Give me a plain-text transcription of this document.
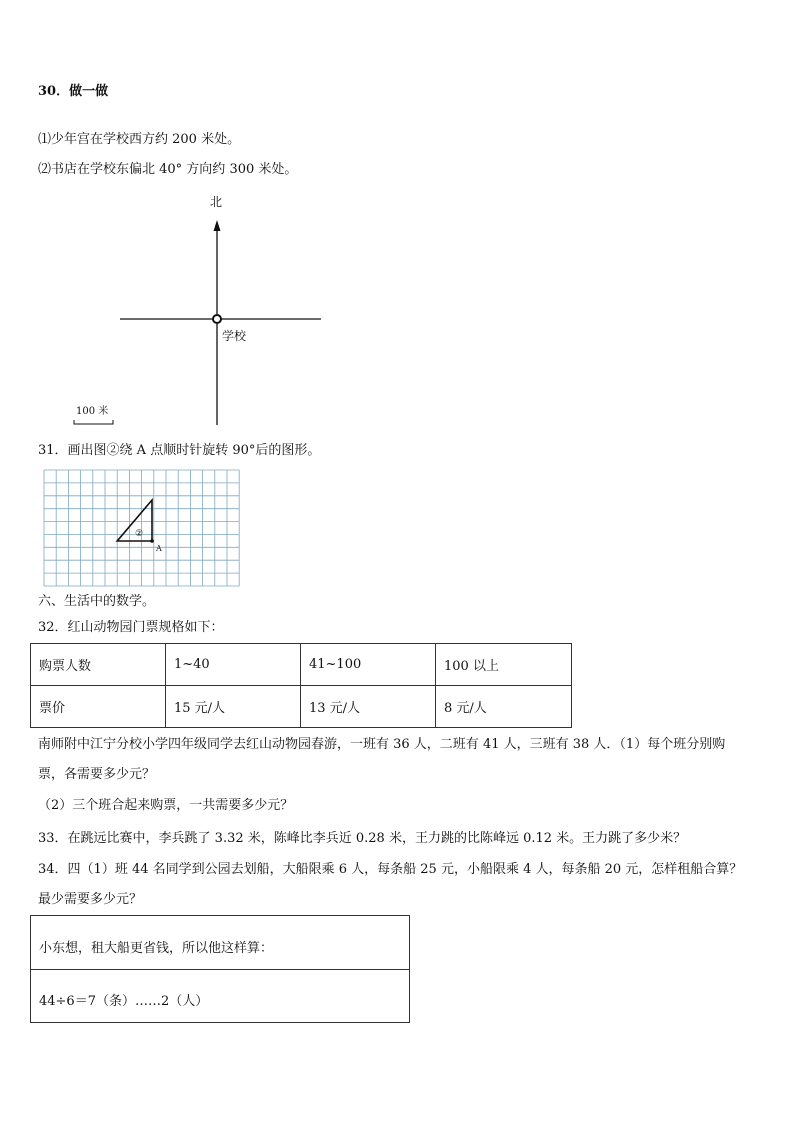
30．做一做
⑴少年宫在学校西方约 200 米处。
⑵书店在学校东偏北 40° 方向约 300 米处。
北
学校
100 米
31．画出图②绕 A 点顺时针旋转 90°后的图形。
②
A
六、生活中的数学。
32．红山动物园门票规格如下：
购票人数	1~40	41~100	100 以上
票价	15 元/人	13 元/人	8 元/人
南师附中江宁分校小学四年级同学去红山动物园春游，一班有 36 人，二班有 41 人，三班有 38 人．（1）每个班分别购
票，各需要多少元？
（2）三个班合起来购票，一共需要多少元？
33．在跳远比赛中，李兵跳了 3.32 米，陈峰比李兵近 0.28 米，王力跳的比陈峰远 0.12 米。王力跳了多少米？
34．四（1）班 44 名同学到公园去划船，大船限乘 6 人，每条船 25 元，小船限乘 4 人，每条船 20 元，怎样租船合算？
最少需要多少元？
小东想，租大船更省钱，所以他这样算：
44÷6＝7（条）……2（人）
